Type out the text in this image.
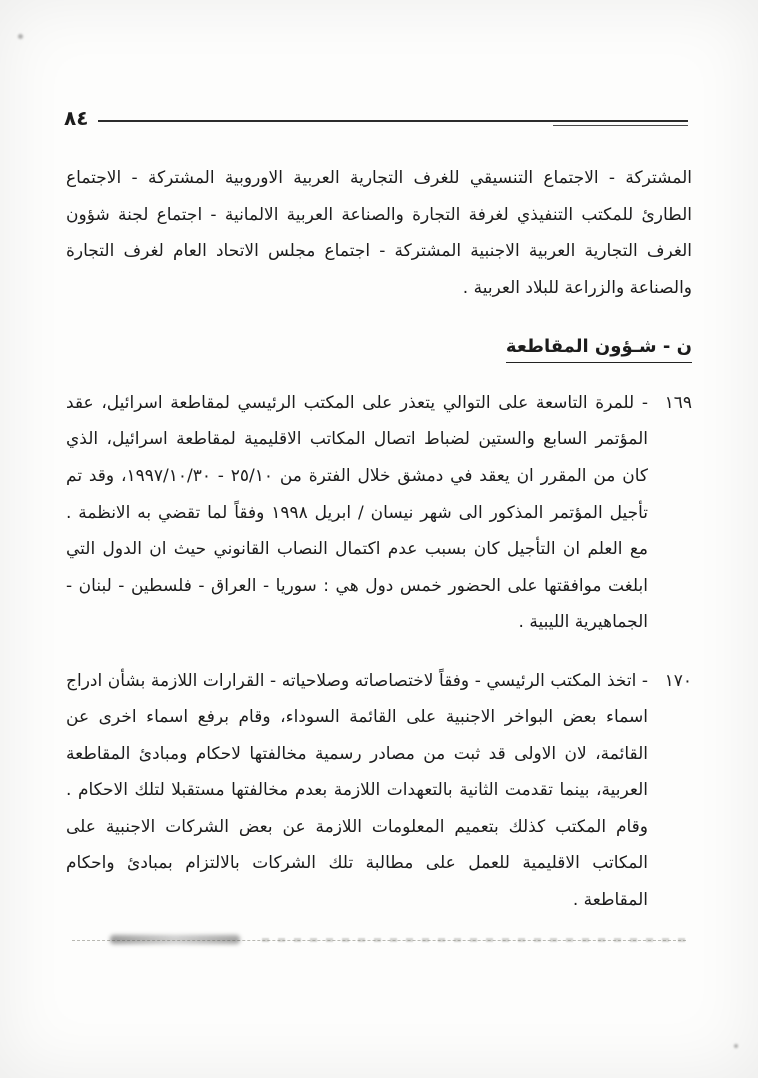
٨٤

المشتركة - الاجتماع التنسيقي للغرف التجارية العربية الاوروبية المشتركة - الاجتماع الطارئ للمكتب التنفيذي لغرفة التجارة والصناعة العربية الالمانية - اجتماع لجنة شؤون الغرف التجارية العربية الاجنبية المشتركة - اجتماع مجلس الاتحاد العام لغرف التجارة والصناعة والزراعة للبلاد العربية .

ن - شـؤون المقاطعة
١٦٩

- للمرة التاسعة على التوالي يتعذر على المكتب الرئيسي لمقاطعة اسرائيل، عقد المؤتمر السابع والستين لضباط اتصال المكاتب الاقليمية لمقاطعة اسرائيل، الذي كان من المقرر ان يعقد في دمشق خلال الفترة من ٢٥/١٠ - ١٩٩٧/١٠/٣٠، وقد تم تأجيل المؤتمر المذكور الى شهر نيسان / ابريل ١٩٩٨ وفقاً لما تقضي به الانظمة . مع العلم ان التأجيل كان بسبب عدم اكتمال النصاب القانوني حيث ان الدول التي ابلغت موافقتها على الحضور خمس دول هي : سوريا - العراق - فلسطين - لبنان - الجماهيرية الليبية .

١٧٠

- اتخذ المكتب الرئيسي - وفقاً لاختصاصاته وصلاحياته - القرارات اللازمة بشأن ادراج اسماء بعض البواخر الاجنبية على القائمة السوداء، وقام برفع اسماء اخرى عن القائمة، لان الاولى قد ثبت من مصادر رسمية مخالفتها لاحكام ومبادئ المقاطعة العربية، بينما تقدمت الثانية بالتعهدات اللازمة بعدم مخالفتها مستقبلا لتلك الاحكام . وقام المكتب كذلك بتعميم المعلومات اللازمة عن بعض الشركات الاجنبية على المكاتب الاقليمية للعمل على مطالبة تلك الشركات بالالتزام بمبادئ واحكام المقاطعة .
